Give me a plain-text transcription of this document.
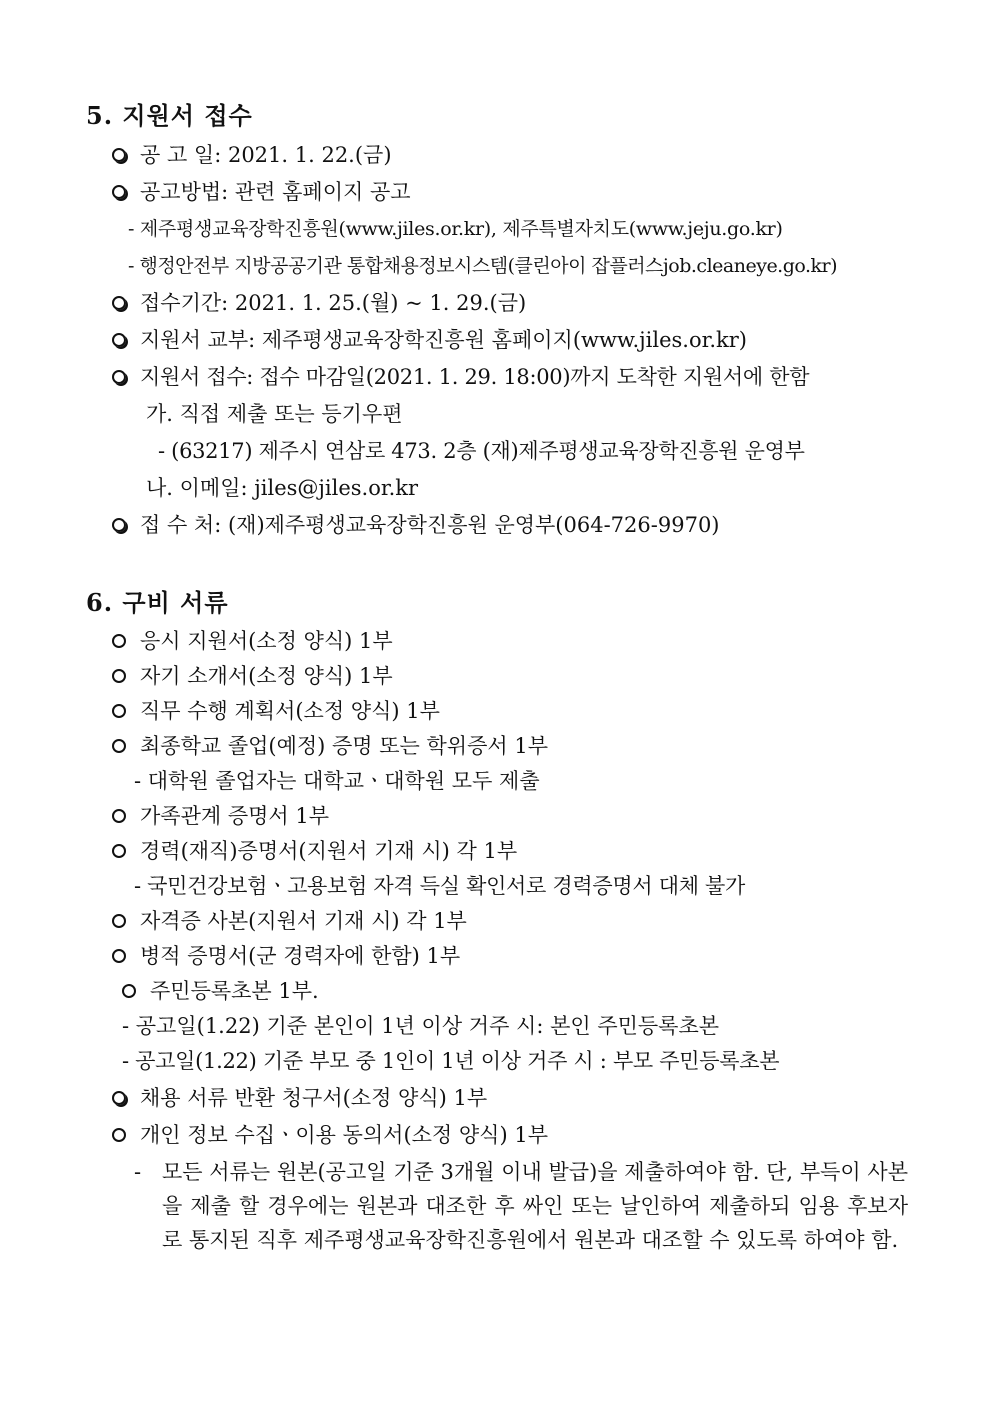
5. 지원서 접수
공 고 일: 2021. 1. 22.(금)
공고방법: 관련 홈페이지 공고
- 제주평생교육장학진흥원(www.jiles.or.kr), 제주특별자치도(www.jeju.go.kr)
- 행정안전부 지방공공기관 통합채용정보시스템(클린아이 잡플러스job.cleaneye.go.kr)
접수기간: 2021. 1. 25.(월) ~ 1. 29.(금)
지원서 교부: 제주평생교육장학진흥원 홈페이지(www.jiles.or.kr)
지원서 접수: 접수 마감일(2021. 1. 29. 18:00)까지 도착한 지원서에 한함
가. 직접 제출 또는 등기우편
- (63217) 제주시 연삼로 473. 2층 (재)제주평생교육장학진흥원 운영부
나. 이메일: jiles@jiles.or.kr
접 수 처: (재)제주평생교육장학진흥원 운영부(064-726-9970)
6. 구비 서류
응시 지원서(소정 양식) 1부
자기 소개서(소정 양식) 1부
직무 수행 계획서(소정 양식) 1부
최종학교 졸업(예정) 증명 또는 학위증서 1부
- 대학원 졸업자는 대학교ㆍ대학원 모두 제출
가족관계 증명서 1부
경력(재직)증명서(지원서 기재 시) 각 1부
- 국민건강보험ㆍ고용보험 자격 득실 확인서로 경력증명서 대체 불가
자격증 사본(지원서 기재 시) 각 1부
병적 증명서(군 경력자에 한함) 1부
주민등록초본 1부.
- 공고일(1.22) 기준 본인이 1년 이상 거주 시: 본인 주민등록초본
- 공고일(1.22) 기준 부모 중 1인이 1년 이상 거주 시 : 부모 주민등록초본
채용 서류 반환 청구서(소정 양식) 1부
개인 정보 수집ㆍ이용 동의서(소정 양식) 1부
- 모든 서류는 원본(공고일 기준 3개월 이내 발급)을 제출하여야 함. 단, 부득이 사본을 제출 할 경우에는 원본과 대조한 후 싸인 또는 날인하여 제출하되 임용 후보자로 통지된 직후 제주평생교육장학진흥원에서 원본과 대조할 수 있도록 하여야 함.
